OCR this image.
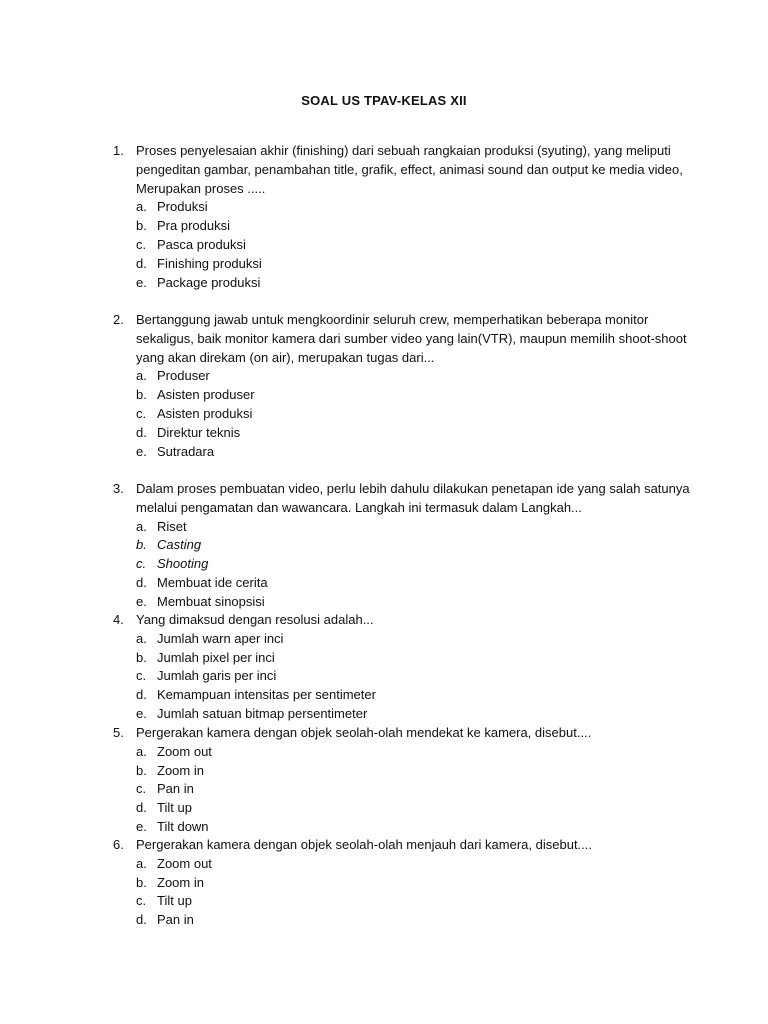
SOAL US TPAV-KELAS XII
1. Proses penyelesaian akhir (finishing) dari sebuah rangkaian produksi (syuting), yang meliputi pengeditan gambar, penambahan title, grafik, effect, animasi sound dan output ke media video, Merupakan proses .....
a. Produksi
b. Pra produksi
c. Pasca produksi
d. Finishing produksi
e. Package produksi
2. Bertanggung jawab untuk mengkoordinir seluruh crew, memperhatikan beberapa monitor sekaligus, baik monitor kamera dari sumber video yang lain(VTR), maupun memilih shoot-shoot yang akan direkam (on air), merupakan tugas dari...
a. Produser
b. Asisten produser
c. Asisten produksi
d. Direktur teknis
e. Sutradara
3. Dalam proses pembuatan video, perlu lebih dahulu dilakukan penetapan ide yang salah satunya melalui pengamatan dan wawancara. Langkah ini termasuk dalam Langkah...
a. Riset
b. Casting
c. Shooting
d. Membuat ide cerita
e. Membuat sinopsisi
4. Yang dimaksud dengan resolusi adalah...
a. Jumlah warn aper inci
b. Jumlah pixel per inci
c. Jumlah garis per inci
d. Kemampuan intensitas per sentimeter
e. Jumlah satuan bitmap persentimeter
5. Pergerakan kamera dengan objek seolah-olah mendekat ke kamera, disebut....
a. Zoom out
b. Zoom in
c. Pan in
d. Tilt up
e. Tilt down
6. Pergerakan kamera dengan objek seolah-olah menjauh dari kamera, disebut....
a. Zoom out
b. Zoom in
c. Tilt up
d. Pan in
